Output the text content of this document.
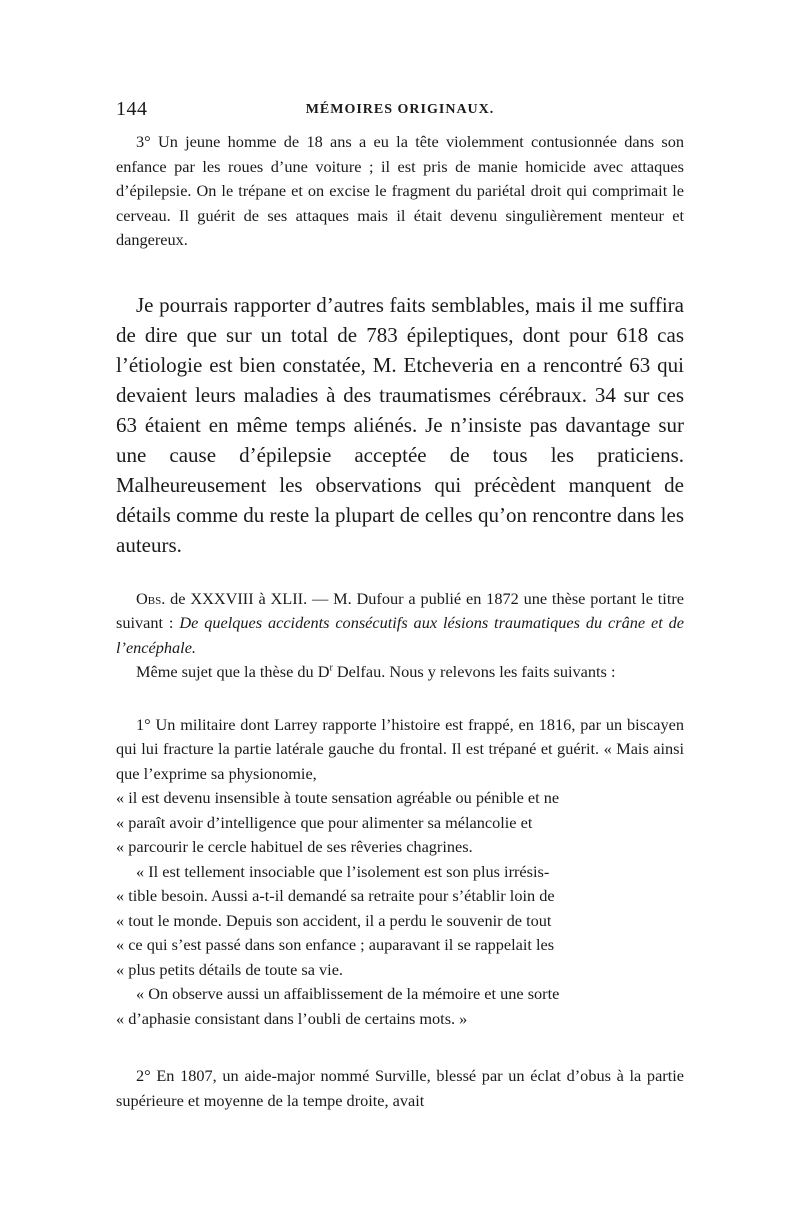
144	MÉMOIRES ORIGINAUX.

3° Un jeune homme de 18 ans a eu la tête violemment contusionnée dans son enfance par les roues d’une voiture ; il est pris de manie homicide avec attaques d’épilepsie. On le trépane et on excise le fragment du pariétal droit qui comprimait le cerveau. Il guérit de ses attaques mais il était devenu singulièrement menteur et dangereux.

Je pourrais rapporter d’autres faits semblables, mais il me suffira de dire que sur un total de 783 épileptiques, dont pour 618 cas l’étiologie est bien constatée, M. Etcheveria en a rencontré 63 qui devaient leurs maladies à des traumatismes cérébraux. 34 sur ces 63 étaient en même temps aliénés. Je n’insiste pas davantage sur une cause d’épilepsie acceptée de tous les praticiens. Malheureusement les observations qui précèdent manquent de détails comme du reste la plupart de celles qu’on rencontre dans les auteurs.

Obs. de XXXVIII à XLII. — M. Dufour a publié en 1872 une thèse portant le titre suivant : De quelques accidents consécutifs aux lésions traumatiques du crâne et de l’encéphale.

Même sujet que la thèse du $D^r$ Delfau. Nous y relevons les faits suivants :

1° Un militaire dont Larrey rapporte l’histoire est frappé, en 1816, par un biscayen qui lui fracture la partie latérale gauche du frontal. Il est trépané et guérit. « Mais ainsi que l’exprime sa physionomie,

« il est devenu insensible à toute sensation agréable ou pénible et ne
« paraît avoir d’intelligence que pour alimenter sa mélancolie et
« parcourir le cercle habituel de ses rêveries chagrines.
« Il est tellement insociable que l’isolement est son plus irrésis-
« tible besoin. Aussi a-t-il demandé sa retraite pour s’établir loin de
« tout le monde. Depuis son accident, il a perdu le souvenir de tout
« ce qui s’est passé dans son enfance ; auparavant il se rappelait les
« plus petits détails de toute sa vie.
« On observe aussi un affaiblissement de la mémoire et une sorte
« d’aphasie consistant dans l’oubli de certains mots. »

2° En 1807, un aide-major nommé Surville, blessé par un éclat d’obus à la partie supérieure et moyenne de la tempe droite, avait
